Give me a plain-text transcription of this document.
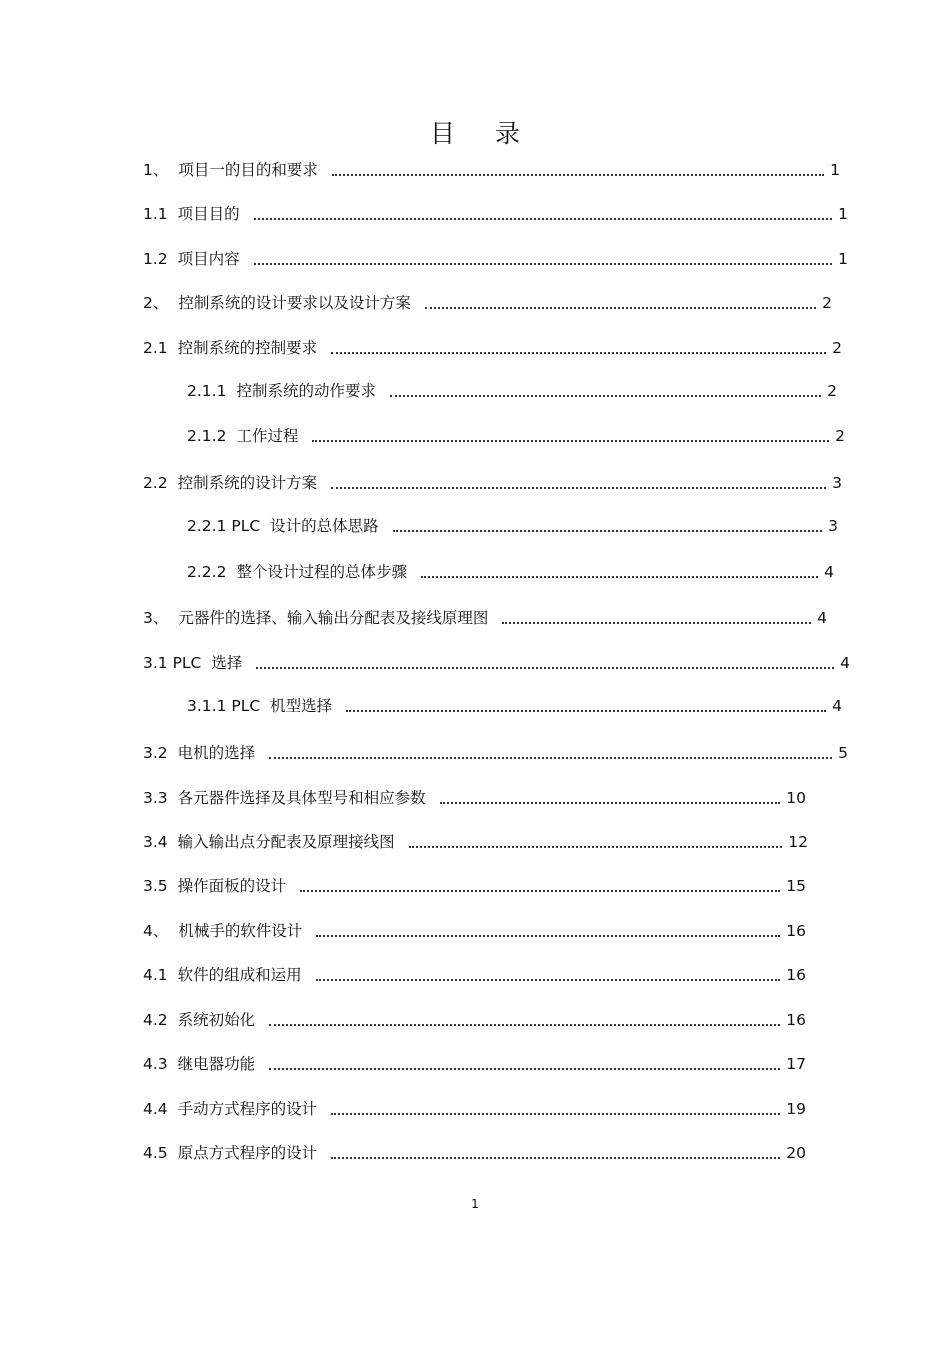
目 录
1、 项目一的目的和要求	1
1.1 项目目的	1
1.2 项目内容	1
2、 控制系统的设计要求以及设计方案	2
2.1 控制系统的控制要求	2
2.1.1 控制系统的动作要求	2
2.1.2 工作过程	2
2.2 控制系统的设计方案	3
2.2.1 PLC 设计的总体思路	3
2.2.2 整个设计过程的总体步骤	4
3、 元器件的选择、输入输出分配表及接线原理图	4
3.1 PLC 选择	4
3.1.1 PLC 机型选择	4
3.2 电机的选择	5
3.3 各元器件选择及具体型号和相应参数	10
3.4 输入输出点分配表及原理接线图	12
3.5 操作面板的设计	15
4、 机械手的软件设计	16
4.1 软件的组成和运用	16
4.2 系统初始化	16
4.3 继电器功能	17
4.4 手动方式程序的设计	19
4.5 原点方式程序的设计	20
1
